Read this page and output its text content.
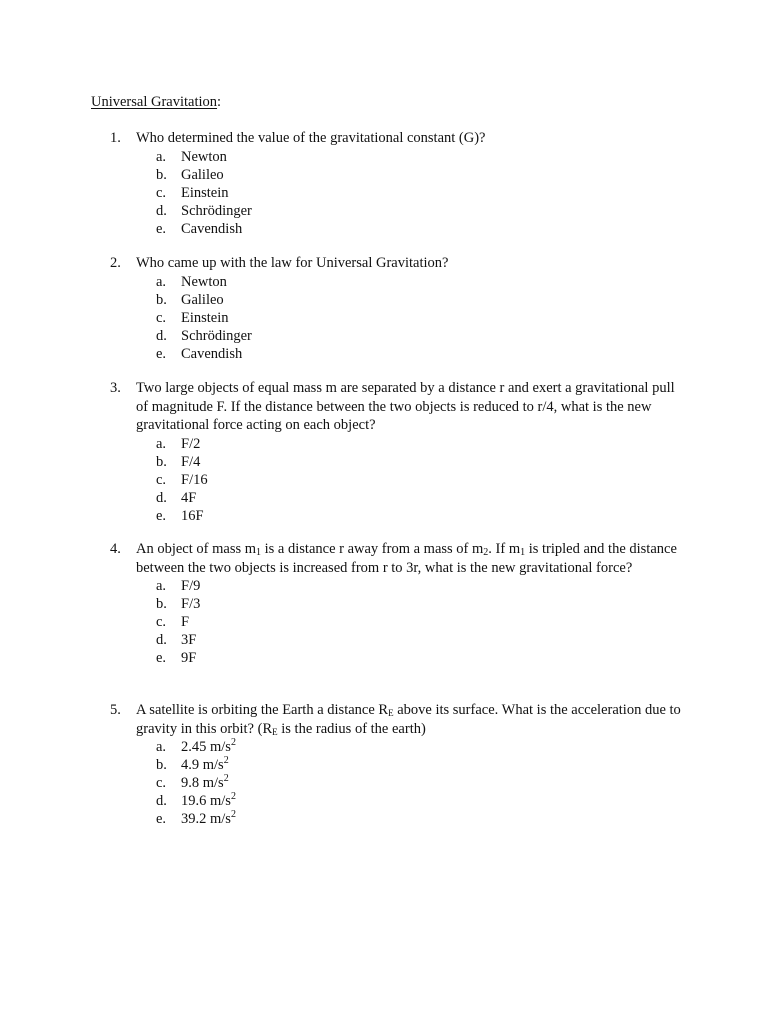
Universal Gravitation:
1. Who determined the value of the gravitational constant (G)?
a. Newton
b. Galileo
c. Einstein
d. Schrödinger
e. Cavendish
2. Who came up with the law for Universal Gravitation?
a. Newton
b. Galileo
c. Einstein
d. Schrödinger
e. Cavendish
3. Two large objects of equal mass m are separated by a distance r and exert a gravitational pull of magnitude F. If the distance between the two objects is reduced to r/4, what is the new gravitational force acting on each object?
a. F/2
b. F/4
c. F/16
d. 4F
e. 16F
4. An object of mass $m_1$ is a distance r away from a mass of $m_2$. If $m_1$ is tripled and the distance between the two objects is increased from r to 3r, what is the new gravitational force?
a. F/9
b. F/3
c. F
d. 3F
e. 9F
5. A satellite is orbiting the Earth a distance $R_E$ above its surface. What is the acceleration due to gravity in this orbit? ($R_E$ is the radius of the earth)
a. 2.45 $m/s^2$
b. 4.9 $m/s^2$
c. 9.8 $m/s^2$
d. 19.6 $m/s^2$
e. 39.2 $m/s^2$
